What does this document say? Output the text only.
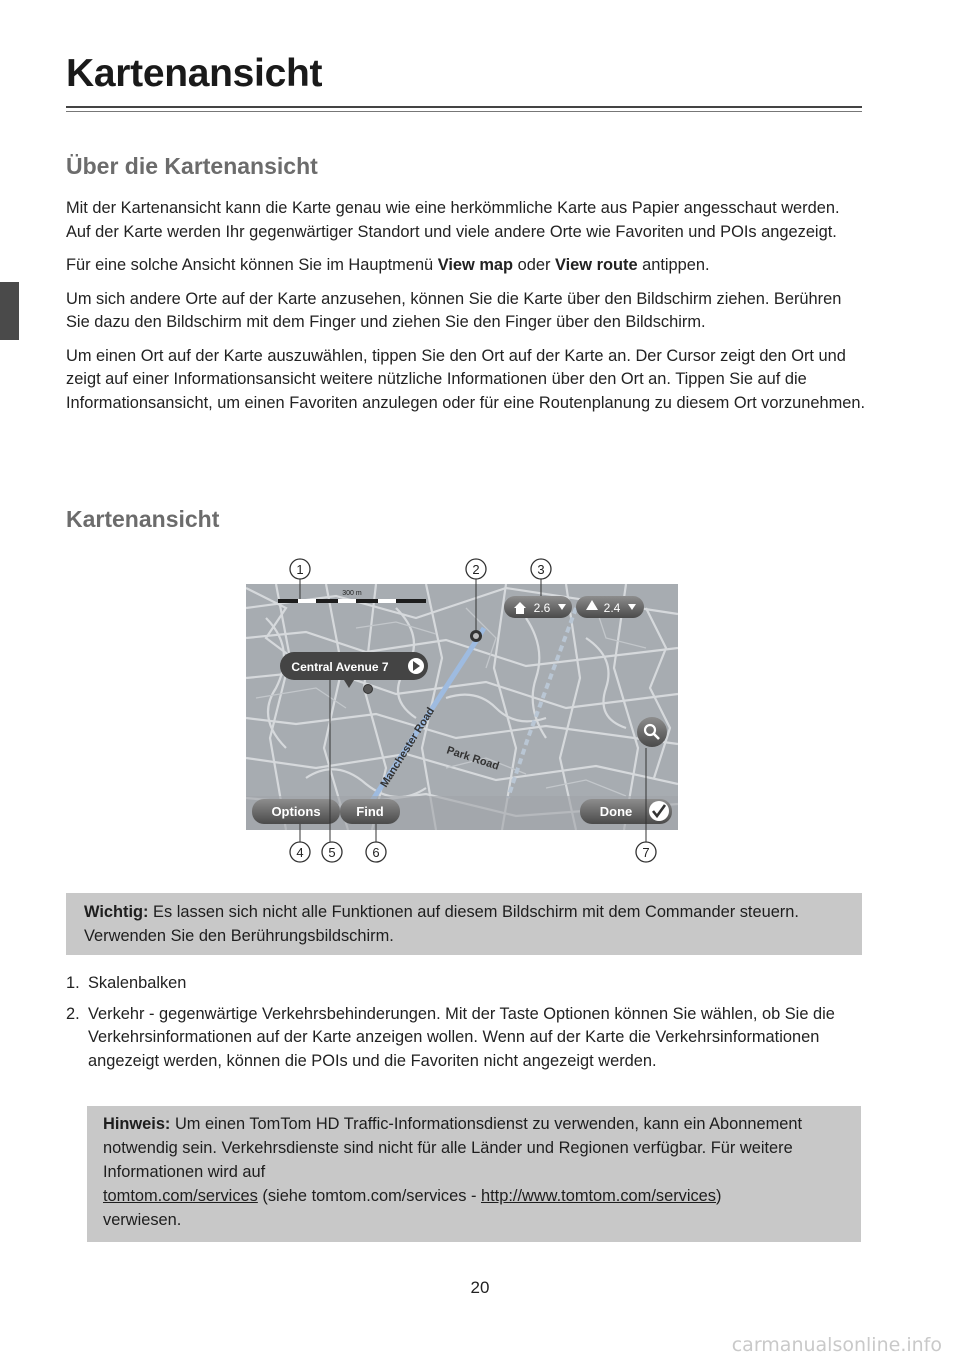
Kartenansicht
Über die Kartenansicht

Mit der Kartenansicht kann die Karte genau wie eine herkömmliche Karte aus Papier angesschaut werden. Auf der Karte werden Ihr gegenwärtiger Standort und viele andere Orte wie Favoriten und POIs angezeigt.

Für eine solche Ansicht können Sie im Hauptmenü View map oder View route antippen.

Um sich andere Orte auf der Karte anzusehen, können Sie die Karte über den Bildschirm ziehen. Berühren Sie dazu den Bildschirm mit dem Finger und ziehen Sie den Finger über den Bildschirm.

Um einen Ort auf der Karte auszuwählen, tippen Sie den Ort auf der Karte an. Der Cursor zeigt den Ort und zeigt auf einer Informationsansicht weitere nützliche Informationen über den Ort an. Tippen Sie auf die Informationsansicht, um einen Favoriten anzulegen oder für eine Routenplanung zu diesem Ort vorzunehmen.

Kartenansicht
1	2	3
Manchester Road Park Road
300 m
2.6	2.4
Central Avenue 7
Options	Find	Done
4 5	6	7
Wichtig: Es lassen sich nicht alle Funktionen auf diesem Bildschirm mit dem Commander steuern. Verwenden Sie den Berührungsbildschirm.
1. Skalenbalken
2. Verkehr - gegenwärtige Verkehrsbehinderungen. Mit der Taste Optionen können Sie wählen, ob Sie die Verkehrsinformationen auf der Karte anzeigen wollen. Wenn auf der Karte die Verkehrsinformationen angezeigt werden, können die POIs und die Favoriten nicht angezeigt werden.
Hinweis: Um einen TomTom HD Traffic-Informationsdienst zu verwenden, kann ein Abonnement notwendig sein. Verkehrsdienste sind nicht für alle Länder und Regionen verfügbar. Für weitere Informationen wird auf
tomtom.com/services (siehe tomtom.com/services - http://www.tomtom.com/services)
verwiesen.
20
carmanualsonline.info
